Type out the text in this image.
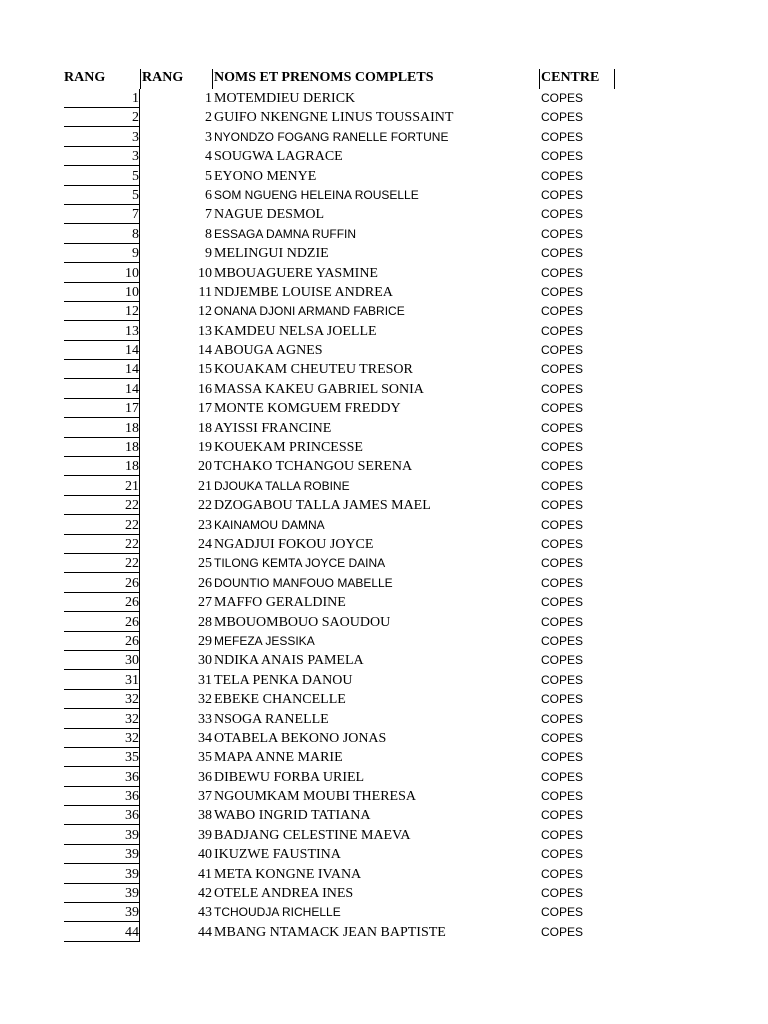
RANG	RANG NOMS ET PRENOMS COMPLETS	CENTRE
1	1 MOTEMDIEU DERICK	COPES
2	2 GUIFO NKENGNE LINUS TOUSSAINT	COPES
3	3 NYONDZO FOGANG RANELLE FORTUNE	COPES
3	4 SOUGWA LAGRACE	COPES
5	5 EYONO MENYE	COPES
5	6 SOM NGUENG HELEINA ROUSELLE	COPES
7	7 NAGUE DESMOL	COPES
8	8 ESSAGA DAMNA RUFFIN	COPES
9	9 MELINGUI NDZIE	COPES
10	10 MBOUAGUERE YASMINE	COPES
10	11 NDJEMBE LOUISE ANDREA	COPES
12	12 ONANA DJONI ARMAND FABRICE	COPES
13	13 KAMDEU NELSA JOELLE	COPES
14	14 ABOUGA AGNES	COPES
14	15 KOUAKAM CHEUTEU TRESOR	COPES
14	16 MASSA KAKEU GABRIEL SONIA	COPES
17	17 MONTE KOMGUEM FREDDY	COPES
18	18 AYISSI FRANCINE	COPES
18	19 KOUEKAM PRINCESSE	COPES
18	20 TCHAKO TCHANGOU SERENA	COPES
21	21 DJOUKA TALLA ROBINE	COPES
22	22 DZOGABOU TALLA JAMES MAEL	COPES
22	23 KAINAMOU DAMNA	COPES
22	24 NGADJUI FOKOU JOYCE	COPES
22	25 TILONG KEMTA JOYCE DAINA	COPES
26	26 DOUNTIO MANFOUO MABELLE	COPES
26	27 MAFFO GERALDINE	COPES
26	28 MBOUOMBOUO SAOUDOU	COPES
26	29 MEFEZA JESSIKA	COPES
30	30 NDIKA ANAIS PAMELA	COPES
31	31 TELA PENKA DANOU	COPES
32	32 EBEKE CHANCELLE	COPES
32	33 NSOGA RANELLE	COPES
32	34 OTABELA BEKONO JONAS	COPES
35	35 MAPA ANNE MARIE	COPES
36	36 DIBEWU FORBA URIEL	COPES
36	37 NGOUMKAM MOUBI THERESA	COPES
36	38 WABO INGRID TATIANA	COPES
39	39 BADJANG CELESTINE MAEVA	COPES
39	40 IKUZWE FAUSTINA	COPES
39	41 META KONGNE IVANA	COPES
39	42 OTELE ANDREA INES	COPES
39	43 TCHOUDJA RICHELLE	COPES
44	44 MBANG NTAMACK JEAN BAPTISTE	COPES
